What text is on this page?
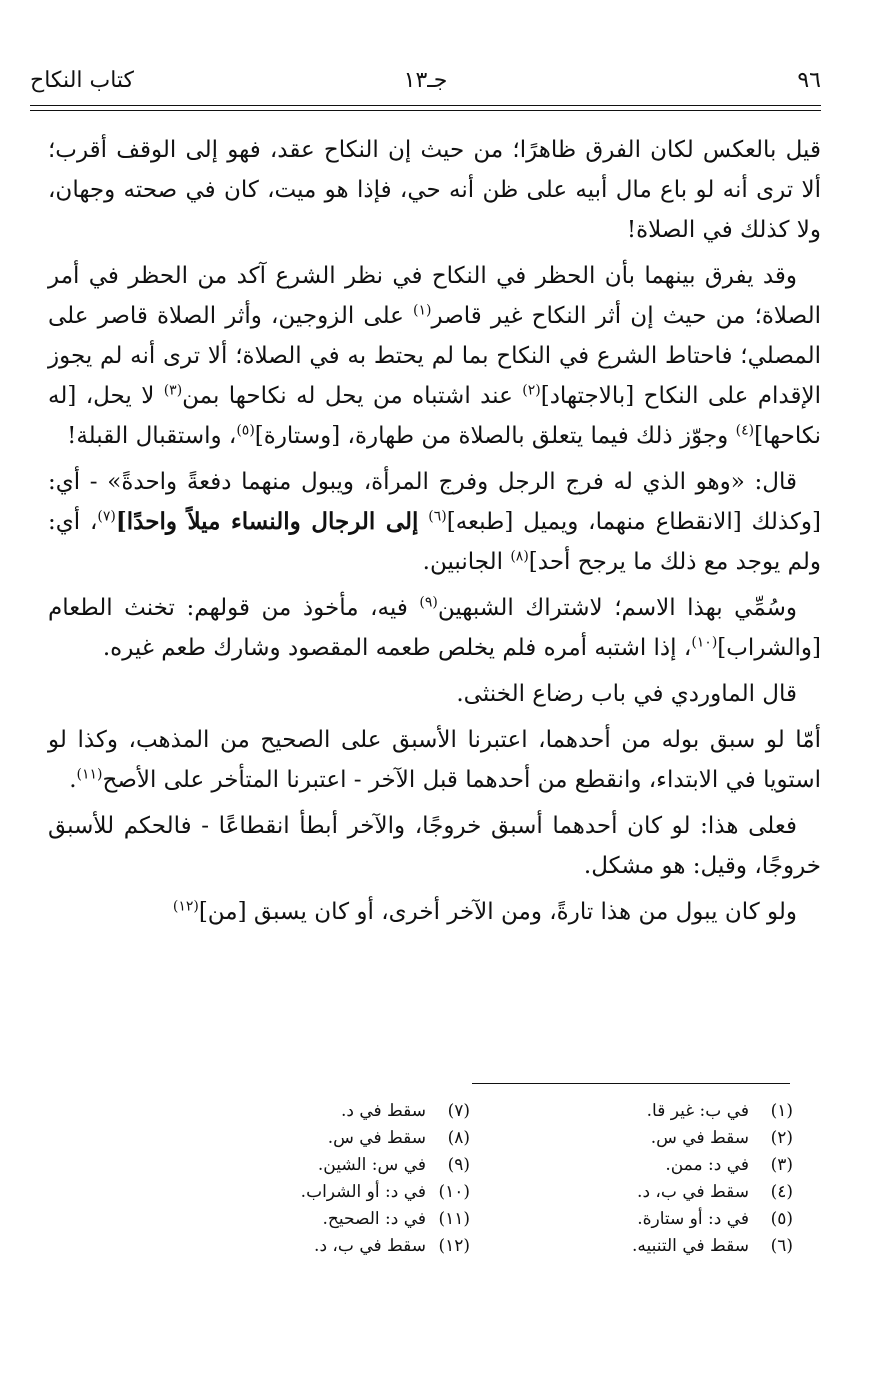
٩٦
جـ١٣
كتاب النكاح

قيل بالعكس لكان الفرق ظاهرًا؛ من حيث إن النكاح عقد، فهو إلى الوقف أقرب؛ ألا ترى أنه لو باع مال أبيه على ظن أنه حي، فإذا هو ميت، كان في صحته وجهان، ولا كذلك في الصلاة!

وقد يفرق بينهما بأن الحظر في النكاح في نظر الشرع آكد من الحظر في أمر الصلاة؛ من حيث إن أثر النكاح غير قاصر$^{(١)}$ على الزوجين، وأثر الصلاة قاصر على المصلي؛ فاحتاط الشرع في النكاح بما لم يحتط به في الصلاة؛ ألا ترى أنه لم يجوز الإقدام على النكاح [بالاجتهاد]$^{(٢)}$ عند اشتباه من يحل له نكاحها بمن$^{(٣)}$ لا يحل، [له نكاحها]$^{(٤)}$ وجوّز ذلك فيما يتعلق بالصلاة من طهارة، [وستارة]$^{(٥)}$، واستقبال القبلة!

قال: «وهو الذي له فرج الرجل وفرج المرأة، ويبول منهما دفعةً واحدةً» - أي: [وكذلك [الانقطاع منهما، ويميل [طبعه]$^{(٦)}$ إلى الرجال والنساء ميلاً واحدًا]$^{(٧)}$، أي: ولم يوجد مع ذلك ما يرجح أحد]$^{(٨)}$ الجانبين.

وسُمِّي بهذا الاسم؛ لاشتراك الشبهين$^{(٩)}$ فيه، مأخوذ من قولهم: تخنث الطعام [والشراب]$^{(١٠)}$، إذا اشتبه أمره فلم يخلص طعمه المقصود وشارك طعم غيره.

قال الماوردي في باب رضاع الخنثى.

أمّا لو سبق بوله من أحدهما، اعتبرنا الأسبق على الصحيح من المذهب، وكذا لو استويا في الابتداء، وانقطع من أحدهما قبل الآخر - اعتبرنا المتأخر على الأصح$^{(١١)}$.

فعلى هذا: لو كان أحدهما أسبق خروجًا، والآخر أبطأ انقطاعًا - فالحكم للأسبق خروجًا، وقيل: هو مشكل.

ولو كان يبول من هذا تارةً، ومن الآخر أخرى، أو كان يسبق [من]$^{(١٢)}$

(١)في ب: غير قا.
(٢)سقط في س.
(٣)في د: ممن.
(٤)سقط في ب، د.
(٥)في د: أو ستارة.
(٦)سقط في التنبيه.
(٧)سقط في د.
(٨)سقط في س.
(٩)في س: الشين.
(١٠)في د: أو الشراب.
(١١)في د: الصحيح.
(١٢)سقط في ب، د.
